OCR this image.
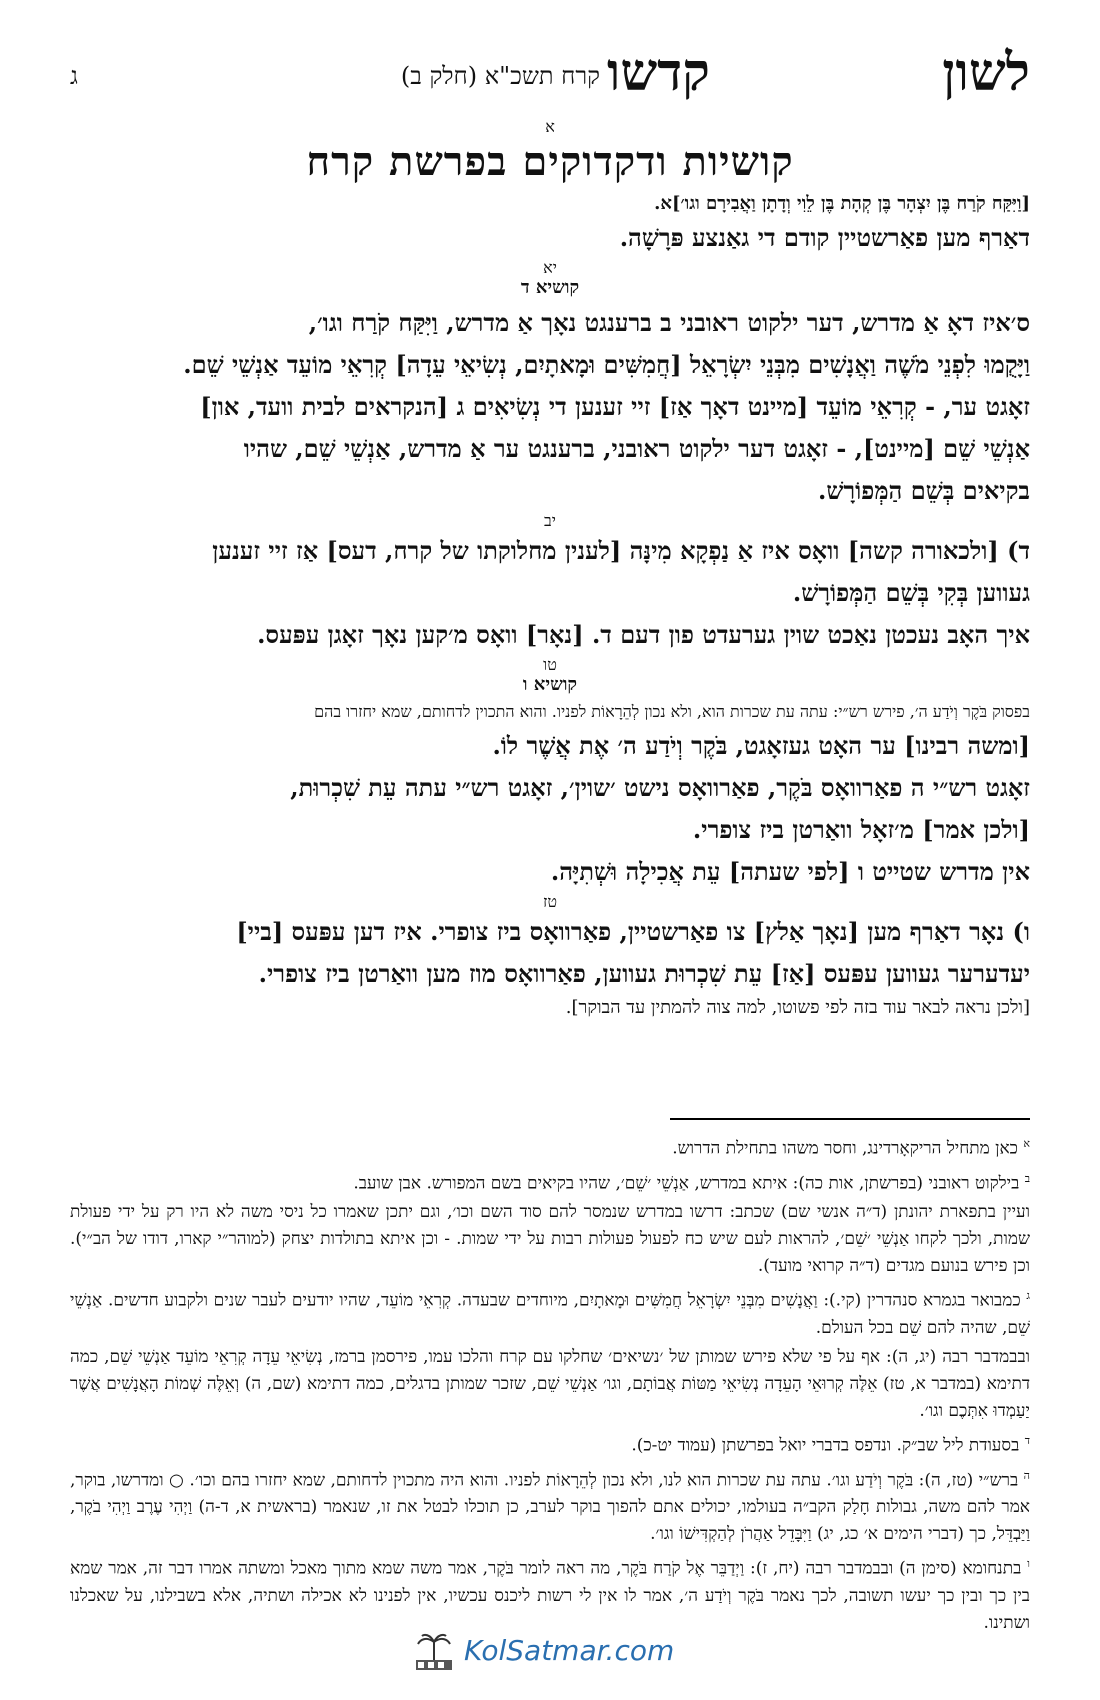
לשון
קדשו
קרח תשכ"א (חלק ב)
ג

א

קושיות ודקדוקים בפרשת קרח

[וַיִּקַּח קֹרַח בֶּן יִצְהָר בֶּן קְהָת בֶּן לֵוִי וְדָתָן וַאֲבִירָם וגו׳]א.

דאַרף מען פאַרשטיין קודם די גאַנצע פּרָשָׁה.

יא

קושיא ד

ס׳איז דאָ אַ מדרש, דער ילקוט ראובני ב ברענגט נאָך אַ מדרש, וַיִּקַּח קֹרַח וגו׳,

וַיָּקֻמוּ לִפְנֵי מֹשֶׁה וַאֲנָשִׁים מִבְּנֵי יִשְׂרָאֵל [חֲמִשִּׁים וּמָאתָיִם, נְשִׂיאֵי עֵדָה] קְרִאֵי מוֹעֵד אַנְשֵׁי שֵׁם.

זאָגט ער, - קְרִאֵי מוֹעֵד [מיינט דאָך אַז] זיי זענען די נְשִׂיאִים ג [הנקראים לבית וועד, און]

אַנְשֵׁי שֵׁם [מיינט], - זאָגט דער ילקוט ראובני, ברענגט ער אַ מדרש, אַנְשֵׁי שֵׁם, שהיו

בקיאים בְּשֵׁם הַמְּפוֹרָשׁ.

יב

ד) [ולכאורה קשה] וואָס איז אַ נַפְקָא מִינָּה [לענין מחלוקתו של קרח, דעס] אַז זיי זענען

געווען בְּקִי בְּשֵׁם הַמְּפוֹרָשׁ.

איך האָב נעכטן נאַכט שוין גערעדט פון דעם ד. [נאָר] וואָס מ׳קען נאָך זאָגן עפּעס.

טו

קושיא ו

בפסוק בֹּקֶר וְיֹדַע ה׳, פירש רש״י: עתה עת שכרות הוא, ולא נכון לְהֵרָאוֹת לפניו. והוא התכוין לדחותם, שמא יחזרו בהם

[ומשה רבינו] ער האָט געזאָגט, בֹּקֶר וְיֹדַע ה׳ אֶת אֲשֶׁר לוֹ.

זאָגט רש״י ה פאַרוואָס בֹּקֶר, פאַרוואָס נישט ׳שוין׳, זאָגט רש״י עתה עֵת שִׁכְרוּת,

[ולכן אמר] מ׳זאָל וואַרטן ביז צופרי.

אין מדרש שטייט ו [לפי שעתה] עֵת אֲכִילָה וּשְׁתִיָּה.

טז

ו) נאָר דאַרף מען [נאָך אַלץ] צו פאַרשטיין, פאַרוואָס ביז צופרי. איז דען עפּעס [ביי]

יעדערער געווען עפּעס [אַז] עֵת שִׁכְרוּת געווען, פאַרוואָס מוז מען וואַרטן ביז צופרי.

[ולכן נראה לבאר עוד בזה לפי פשוטו, למה צוה להמתין עד הבוקר].

$^א$ כאן מתחיל הריקאָרדינג, וחסר משהו בתחילת הדרוש.

$^ב$ בילקוט ראובני (בפרשתן, אות כה): איתא במדרש, אַנְשֵׁי ׳שֵׁם׳, שהיו בקיאים בשם המפורש. אבן שועב.

ועיין בתפארת יהונתן (ד״ה אנשי שם) שכתב: דרשו במדרש שנמסר להם סוד השם וכו׳, וגם יתכן שאמרו כל ניסי משה לא היו רק על ידי פעולת שמות, ולכך לקחו אַנְשֵׁי ׳שֵׁם׳, להראות לעם שיש כח לפעול פעולות רבות על ידי שמות. - וכן איתא בתולדות יצחק (למוהר״י קארו, דודו של הב״י). וכן פירש בנועם מגדים (ד״ה קרואי מועד).

$^ג$ כמבואר בגמרא סנהדרין (קי.): וַאֲנָשִׁים מִבְּנֵי יִשְׂרָאֵל חֲמִשִּׁים וּמָאתָיִם, מיוחדים שבעדה. קְרִאֵי מוֹעֵד, שהיו יודעים לעבר שנים ולקבוע חדשים. אַנְשֵׁי שֵׁם, שהיה להם שֵׁם בכל העולם.

ובבמדבר רבה (יג, ה): אף על פי שלא פירש שמותן של ׳נשיאים׳ שחלקו עם קרח והלכו עמו, פירסמן ברמז, נְשִׂיאֵי עֵדָה קְרִאֵי מוֹעֵד אַנְשֵׁי שֵׁם, כמה דתימא (במדבר א, טז) אֵלֶּה קְרוּאֵי הָעֵדָה נְשִׂיאֵי מַטּוֹת אֲבוֹתָם, וגו׳ אַנְשֵׁי שֵׁם, שזכר שמותן בדגלים, כמה דתימא (שם, ה) וְאֵלֶּה שְׁמוֹת הָאֲנָשִׁים אֲשֶׁר יַעַמְדוּ אִתְּכֶם וגו׳.

$^ד$ בסעודת ליל שב״ק. ונדפס בדברי יואל בפרשתן (עמוד יט-כ).

$^ה$ ברש״י (טז, ה): בֹּקֶר וְיֹדַע וגו׳. עתה עת שכרות הוא לנו, ולא נכון לְהֵרָאוֹת לפניו. והוא היה מתכוין לדחותם, שמא יחזרו בהם וכו׳. ○ ומדרשו, בוקר, אמר להם משה, גבולות חָלַק הקב״ה בעולמו, יכולים אתם להפוך בוקר לערב, כן תוכלו לבטל את זו, שנאמר (בראשית א, ד-ה) וַיְהִי עֶרֶב וַיְהִי בֹקֶר, וַיַּבְדֵּל, כך (דברי הימים א׳ כג, יג) וַיִּבָּדֵל אַהֲרֹן לְהַקְדִּישׁוֹ וגו׳.

$^ו$ בתנחומא (סימן ה) ובבמדבר רבה (יח, ז): וַיְדַבֵּר אֶל קֹרַח בֹּקֶר, מה ראה לומר בֹּקֶר, אמר משה שמא מתוך מאכל ומשתה אמרו דבר זה, אמר שמא בין כך ובין כך יעשו תשובה, לכך נאמר בֹּקֶר וְיֹדַע ה׳, אמר לו אין לי רשות ליכנס עכשיו, אין לפנינו לא אכילה ושתיה, אלא בשבילנו, על שאכלנו ושתינו.

KolSatmar.com
